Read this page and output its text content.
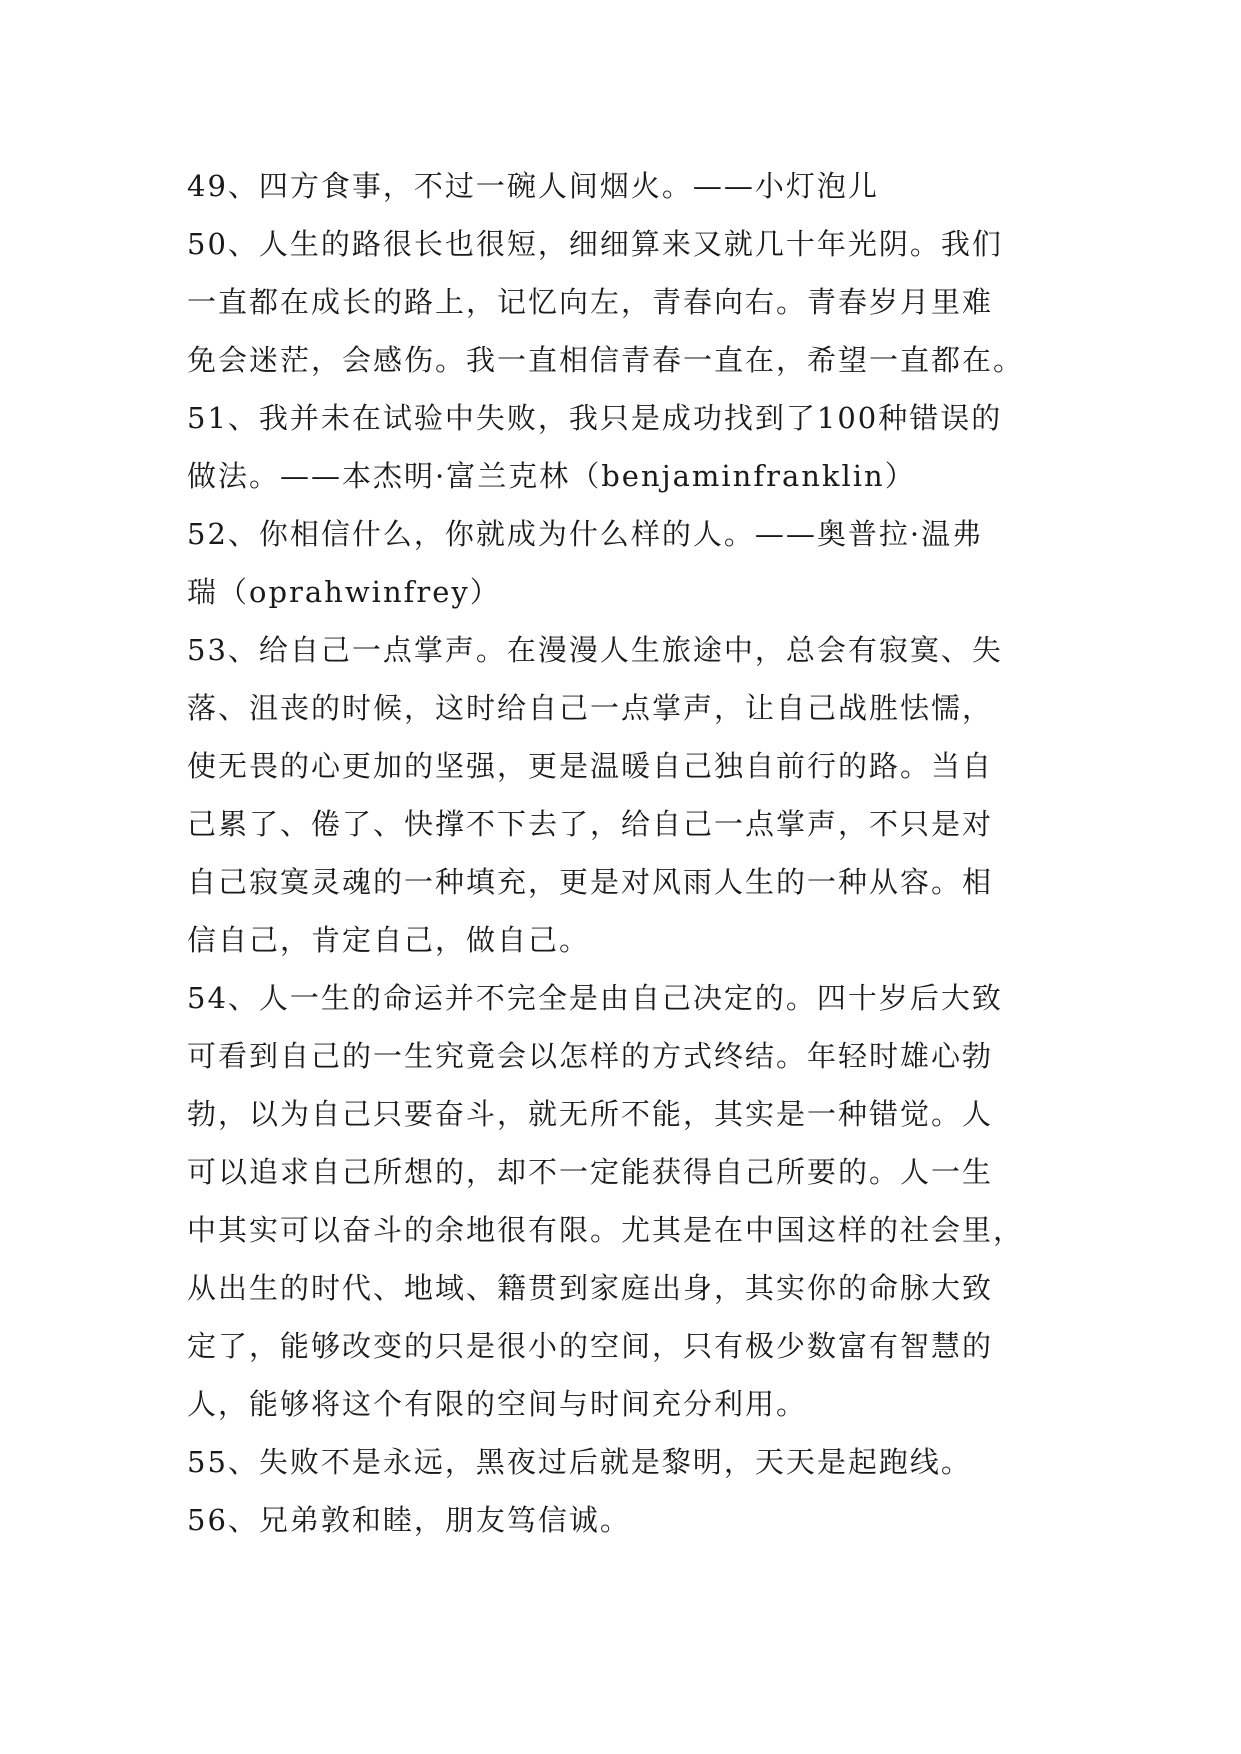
49、四方食事，不过一碗人间烟火。——小灯泡儿
50、人生的路很长也很短，细细算来又就几十年光阴。我们
一直都在成长的路上，记忆向左，青春向右。青春岁月里难
免会迷茫，会感伤。我一直相信青春一直在，希望一直都在。
51、我并未在试验中失败，我只是成功找到了100种错误的
做法。——本杰明·富兰克林（benjaminfranklin）
52、你相信什么，你就成为什么样的人。——奥普拉·温弗
瑞（oprahwinfrey）
53、给自己一点掌声。在漫漫人生旅途中，总会有寂寞、失
落、沮丧的时候，这时给自己一点掌声，让自己战胜怯懦，
使无畏的心更加的坚强，更是温暖自己独自前行的路。当自
己累了、倦了、快撑不下去了，给自己一点掌声，不只是对
自己寂寞灵魂的一种填充，更是对风雨人生的一种从容。相
信自己，肯定自己，做自己。
54、人一生的命运并不完全是由自己决定的。四十岁后大致
可看到自己的一生究竟会以怎样的方式终结。年轻时雄心勃
勃，以为自己只要奋斗，就无所不能，其实是一种错觉。人
可以追求自己所想的，却不一定能获得自己所要的。人一生
中其实可以奋斗的余地很有限。尤其是在中国这样的社会里，
从出生的时代、地域、籍贯到家庭出身，其实你的命脉大致
定了，能够改变的只是很小的空间，只有极少数富有智慧的
人，能够将这个有限的空间与时间充分利用。
55、失败不是永远，黑夜过后就是黎明，天天是起跑线。
56、兄弟敦和睦，朋友笃信诚。
